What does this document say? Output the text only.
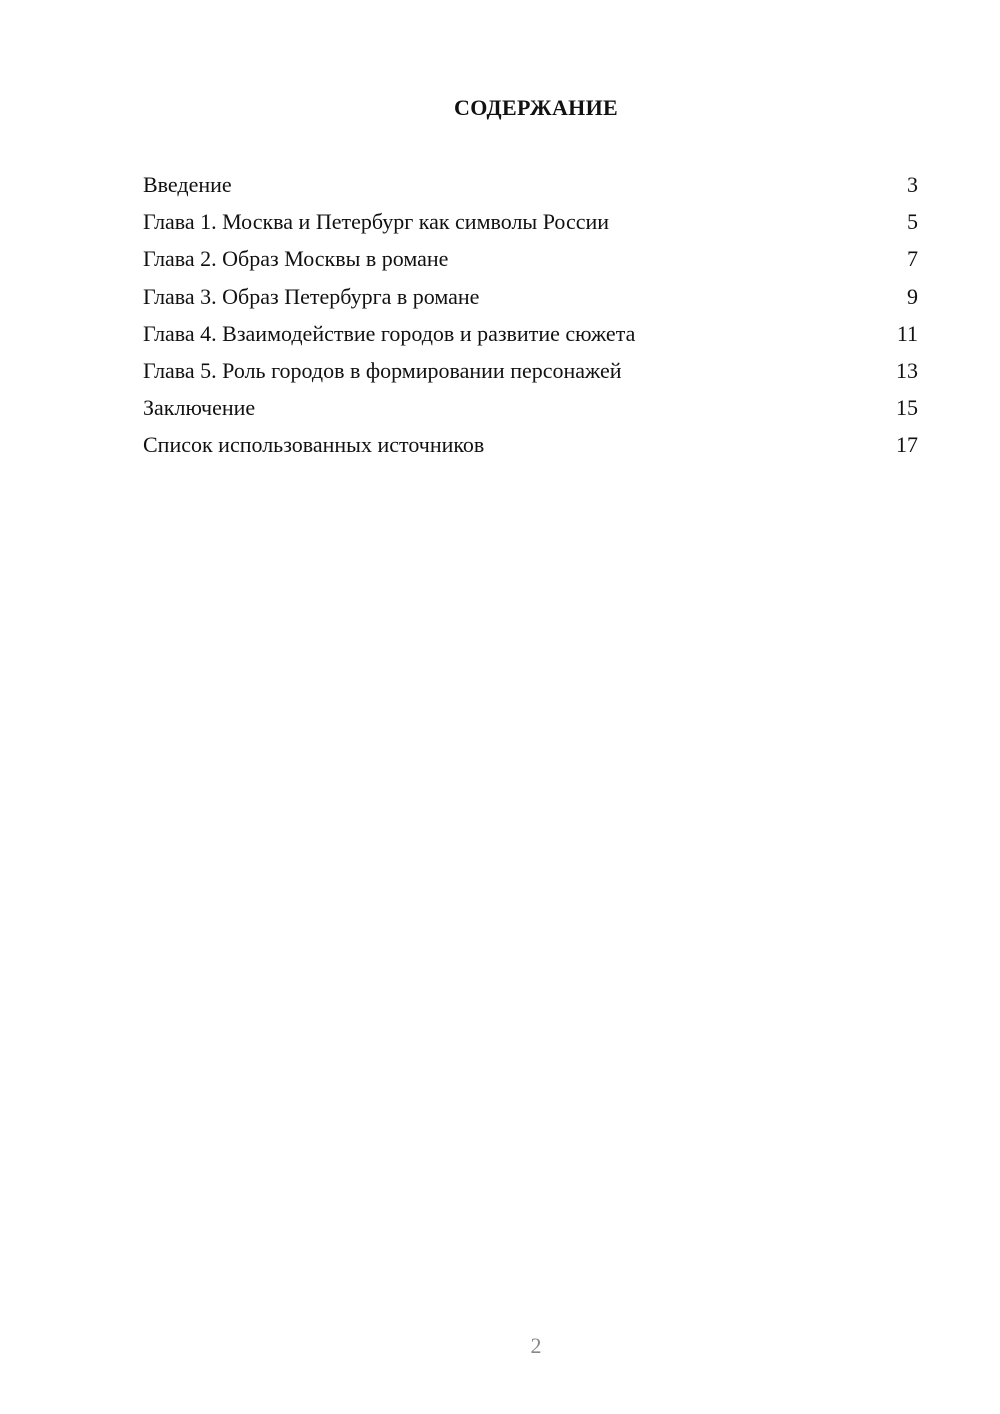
СОДЕРЖАНИЕ
Введение	3
Глава 1. Москва и Петербург как символы России	5
Глава 2. Образ Москвы в романе	7
Глава 3. Образ Петербурга в романе	9
Глава 4. Взаимодействие городов и развитие сюжета	11
Глава 5. Роль городов в формировании персонажей	13
Заключение	15
Список использованных источников	17
2
